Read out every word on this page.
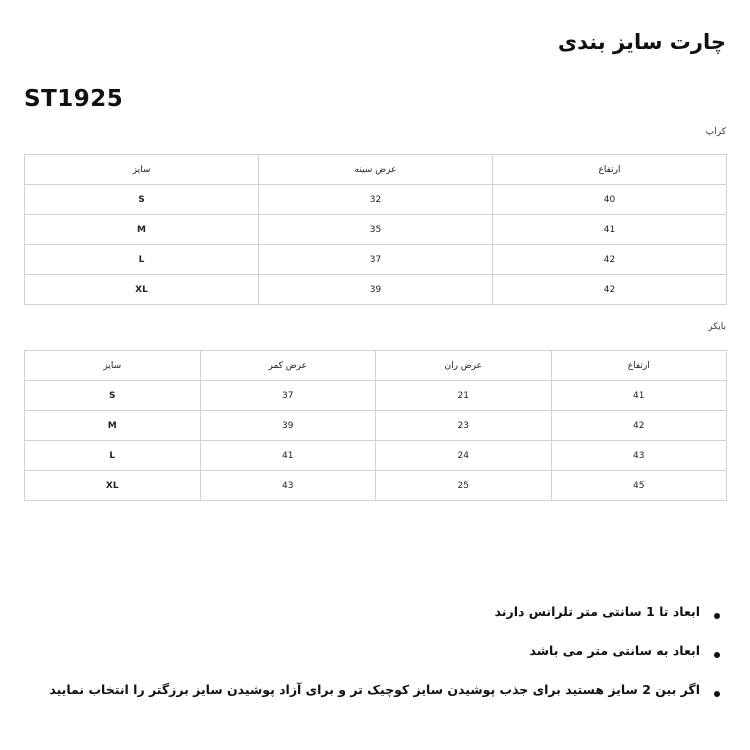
چارت سایز بندی
ST1925
کراپ
ارتفاع	عرض سینه	سایز
40	32	S
41	35	M
42	37	L
42	39	XL
بایکر
ارتفاع	عرض ران	عرض کمر	سایز
41	21	37	S
42	23	39	M
43	24	41	L
45	25	43	XL
ابعاد تا 1 سانتی متر تلرانس دارند
ابعاد به سانتی متر می باشد
اگر بین 2 سایز هستید برای جذب پوشیدن سایز کوچیک تر و برای آزاد پوشیدن سایز برزگتر را انتخاب نمایید
